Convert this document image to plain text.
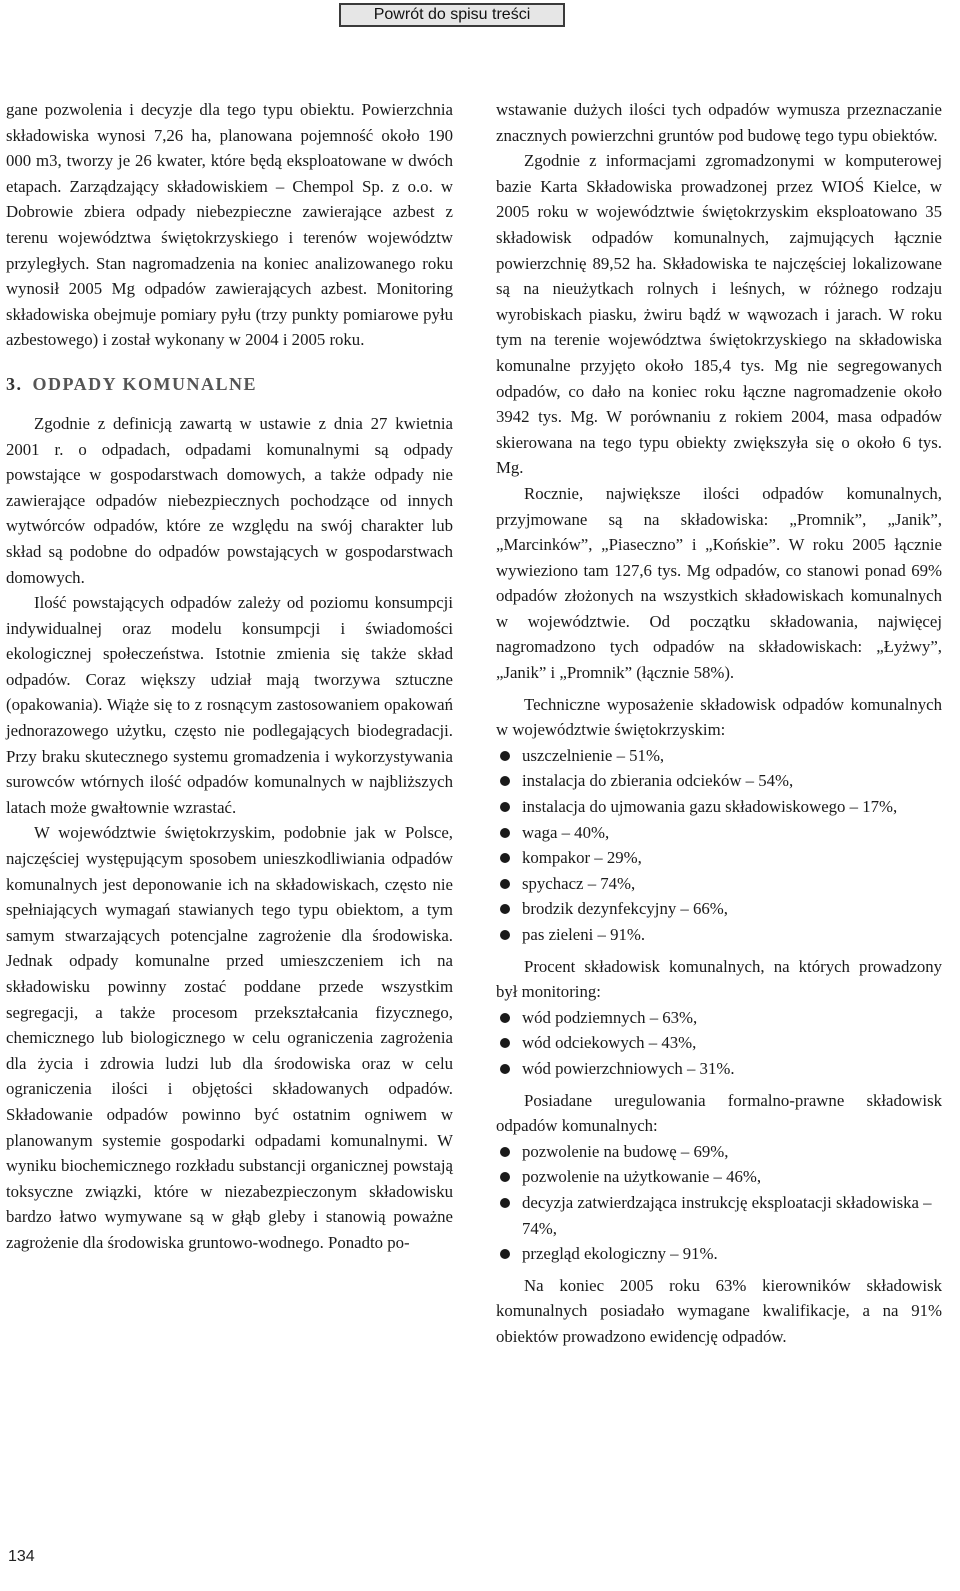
Powrót do spisu treści

gane pozwolenia i decyzje dla tego typu obiektu. Powierzchnia składowiska wynosi 7,26 ha, planowana pojemność około 190 000 m3, tworzy je 26 kwater, które będą eksploatowane w dwóch etapach. Zarządzający składowiskiem – Chempol Sp. z o.o. w Dobrowie zbiera odpady niebezpieczne zawierające azbest z terenu województwa świętokrzyskiego i terenów województw przyległych. Stan nagromadzenia na koniec analizowanego roku wynosił 2005 Mg odpadów zawierających azbest. Monitoring składowiska obejmuje pomiary pyłu (trzy punkty pomiarowe pyłu azbestowego) i został wykonany w 2004 i 2005 roku.

3. ODPADY KOMUNALNE

Zgodnie z definicją zawartą w ustawie z dnia 27 kwietnia 2001 r. o odpadach, odpadami komunalnymi są odpady powstające w gospodarstwach domowych, a także odpady nie zawierające odpadów niebezpiecznych pochodzące od innych wytwórców odpadów, które ze względu na swój charakter lub skład są podobne do odpadów powstających w gospodarstwach domowych.

Ilość powstających odpadów zależy od poziomu konsumpcji indywidualnej oraz modelu konsumpcji i świadomości ekologicznej społeczeństwa. Istotnie zmienia się także skład odpadów. Coraz większy udział mają tworzywa sztuczne (opakowania). Wiąże się to z rosnącym zastosowaniem opakowań jednorazowego użytku, często nie podlegających biodegradacji. Przy braku skutecznego systemu gromadzenia i wykorzystywania surowców wtórnych ilość odpadów komunalnych w najbliższych latach może gwałtownie wzrastać.

W województwie świętokrzyskim, podobnie jak w Polsce, najczęściej występującym sposobem unieszkodliwiania odpadów komunalnych jest deponowanie ich na składowiskach, często nie spełniających wymagań stawianych tego typu obiektom, a tym samym stwarzających potencjalne zagrożenie dla środowiska. Jednak odpady komunalne przed umieszczeniem ich na składowisku powinny zostać poddane przede wszystkim segregacji, a także procesom przekształcania fizycznego, chemicznego lub biologicznego w celu ograniczenia zagrożenia dla życia i zdrowia ludzi lub dla środowiska oraz w celu ograniczenia ilości i objętości składowanych odpadów. Składowanie odpadów powinno być ostatnim ogniwem w planowanym systemie gospodarki odpadami komunalnymi. W wyniku biochemicznego rozkładu substancji organicznej powstają toksyczne związki, które w niezabezpieczonym składowisku bardzo łatwo wymywane są w głąb gleby i stanowią poważne zagrożenie dla środowiska gruntowo-wodnego. Ponadto po-

wstawanie dużych ilości tych odpadów wymusza przeznaczanie znacznych powierzchni gruntów pod budowę tego typu obiektów.

Zgodnie z informacjami zgromadzonymi w komputerowej bazie Karta Składowiska prowadzonej przez WIOŚ Kielce, w 2005 roku w województwie świętokrzyskim eksploatowano 35 składowisk odpadów komunalnych, zajmujących łącznie powierzchnię 89,52 ha. Składowiska te najczęściej lokalizowane są na nieużytkach rolnych i leśnych, w różnego rodzaju wyrobiskach piasku, żwiru bądź w wąwozach i jarach. W roku tym na terenie województwa świętokrzyskiego na składowiska komunalne przyjęto około 185,4 tys. Mg nie segregowanych odpadów, co dało na koniec roku łączne nagromadzenie około 3942 tys. Mg. W porównaniu z rokiem 2004, masa odpadów skierowana na tego typu obiekty zwiększyła się o około 6 tys. Mg.

Rocznie, największe ilości odpadów komunalnych, przyjmowane są na składowiska: „Promnik”, „Janik”, „Marcinków”, „Piaseczno” i „Końskie”. W roku 2005 łącznie wywieziono tam 127,6 tys. Mg odpadów, co stanowi ponad 69% odpadów złożonych na wszystkich składowiskach komunalnych w województwie. Od początku składowania, najwięcej nagromadzono tych odpadów na składowiskach: „Łyżwy”, „Janik” i „Promnik” (łącznie 58%).

Techniczne wyposażenie składowisk odpadów komunalnych w województwie świętokrzyskim:

uszczelnienie – 51%,
instalacja do zbierania odcieków – 54%,
instalacja do ujmowania gazu składowiskowego – 17%,
waga – 40%,
kompakor – 29%,
spychacz – 74%,
brodzik dezynfekcyjny – 66%,
pas zieleni – 91%.

Procent składowisk komunalnych, na których prowadzony był monitoring:

wód podziemnych – 63%,
wód odciekowych – 43%,
wód powierzchniowych – 31%.

Posiadane uregulowania formalno-prawne składowisk odpadów komunalnych:

pozwolenie na budowę – 69%,
pozwolenie na użytkowanie – 46%,
decyzja zatwierdzająca instrukcję eksploatacji składowiska – 74%,
przegląd ekologiczny – 91%.

Na koniec 2005 roku 63% kierowników składowisk komunalnych posiadało wymagane kwalifikacje, a na 91% obiektów prowadzono ewidencję odpadów.

134
